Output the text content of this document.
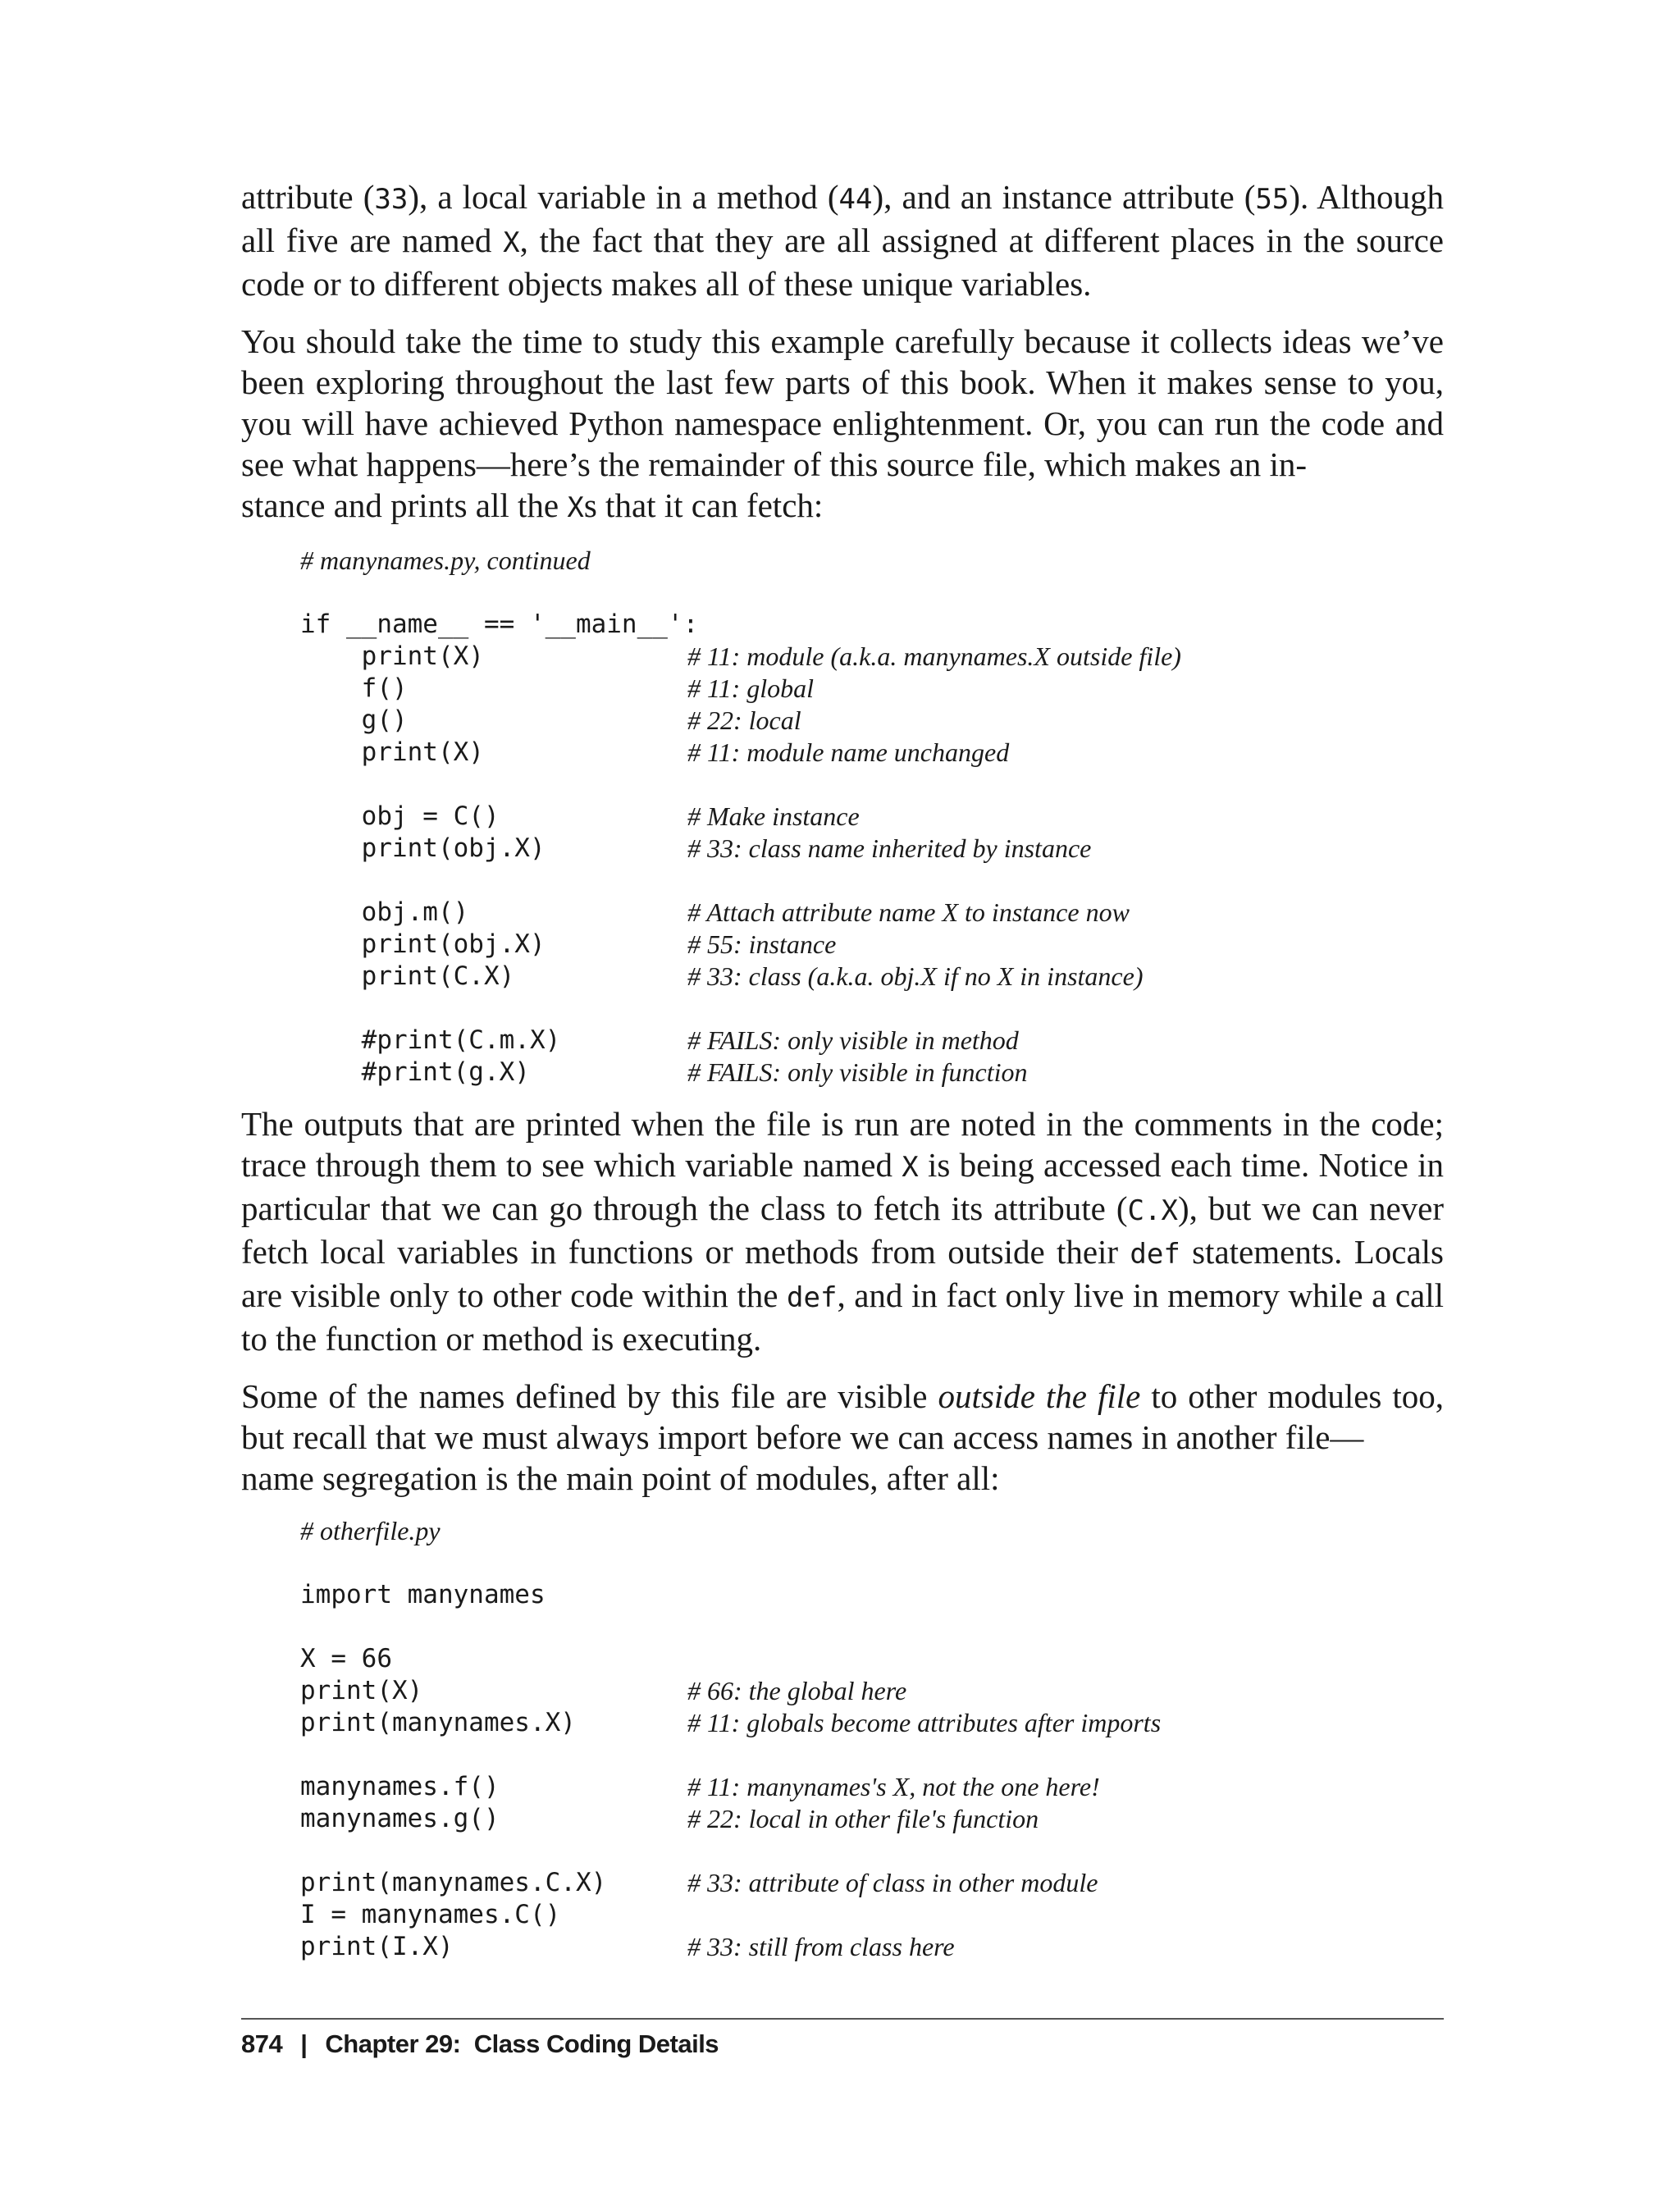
attribute (33), a local variable in a method (44), and an instance attribute (55). Although all five are named X, the fact that they are all assigned at different places in the source code or to different objects makes all of these unique variables.

You should take the time to study this example carefully because it collects ideas we’ve been exploring throughout the last few parts of this book. When it makes sense to you, you will have achieved Python namespace enlightenment. Or, you can run the code and see what happens—here’s the remainder of this source file, which makes an in-
stance and prints all the Xs that it can fetch:

# manynames.py, continued
if __name__ == '__main__':
print(X)	# 11: module (a.k.a. manynames.X outside file)
f()	# 11: global
g()	# 22: local
print(X)	# 11: module name unchanged
obj = C()	# Make instance
print(obj.X)	# 33: class name inherited by instance
obj.m()	# Attach attribute name X to instance now
print(obj.X)	# 55: instance
print(C.X)	# 33: class (a.k.a. obj.X if no X in instance)
#print(C.m.X)	# FAILS: only visible in method
#print(g.X)	# FAILS: only visible in function

The outputs that are printed when the file is run are noted in the comments in the code; trace through them to see which variable named X is being accessed each time. Notice in particular that we can go through the class to fetch its attribute (C.X), but we can never fetch local variables in functions or methods from outside their def statements. Locals are visible only to other code within the def, and in fact only live in memory while a call to the function or method is executing.

Some of the names defined by this file are visible outside the file to other modules too, but recall that we must always import before we can access names in another file—
name segregation is the main point of modules, after all:

# otherfile.py
import manynames
X = 66
print(X)	# 66: the global here
print(manynames.X)	# 11: globals become attributes after imports
manynames.f()	# 11: manynames's X, not the one here!
manynames.g()	# 22: local in other file's function
print(manynames.C.X)	# 33: attribute of class in other module
I = manynames.C()
print(I.X)	# 33: still from class here
874 | Chapter 29:  Class Coding Details
